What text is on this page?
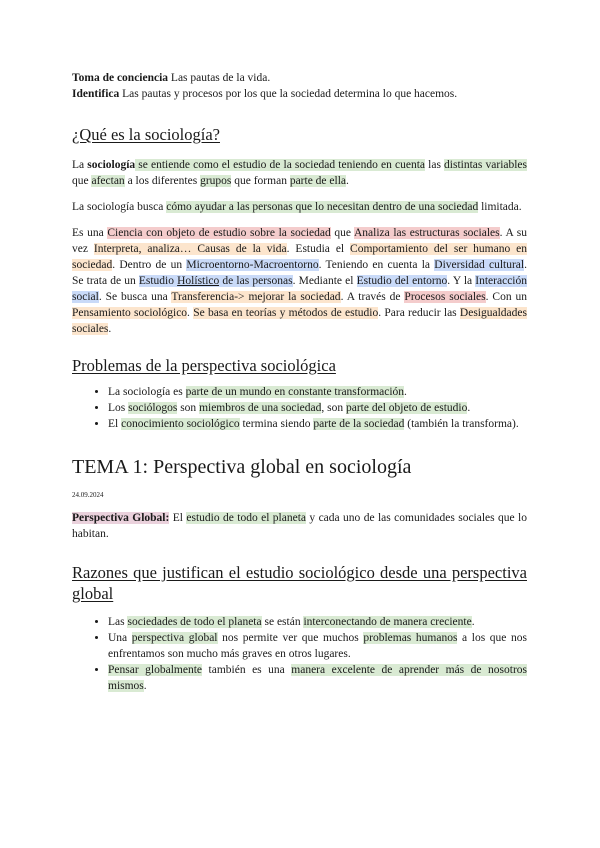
Toma de conciencia Las pautas de la vida.

Identifica Las pautas y procesos por los que la sociedad determina lo que hacemos.

¿Qué es la sociología?

La sociología se entiende como el estudio de la sociedad teniendo en cuenta las distintas variables que afectan a los diferentes grupos que forman parte de ella.

La sociología busca cómo ayudar a las personas que lo necesitan dentro de una sociedad limitada.

Es una Ciencia con objeto de estudio sobre la sociedad que Analiza las estructuras sociales. A su vez Interpreta, analiza… Causas de la vida. Estudia el Comportamiento del ser humano en sociedad. Dentro de un Microentorno-Macroentorno. Teniendo en cuenta la Diversidad cultural. Se trata de un Estudio Holístico de las personas. Mediante el Estudio del entorno. Y la Interacción social. Se busca una Transferencia-> mejorar la sociedad. A través de Procesos sociales. Con un Pensamiento sociológico. Se basa en teorías y métodos de estudio. Para reducir las Desigualdades sociales.

Problemas de la perspectiva sociológica
• La sociología es parte de un mundo en constante transformación.
• Los sociólogos son miembros de una sociedad, son parte del objeto de estudio.
• El conocimiento sociológico termina siendo parte de la sociedad (también la transforma).
TEMA 1: Perspectiva global en sociología
24.09.2024

Perspectiva Global: El estudio de todo el planeta y cada uno de las comunidades sociales que lo habitan.

Razones que justifican el estudio sociológico desde una perspectiva global
• Las sociedades de todo el planeta se están interconectando de manera creciente.
• Una perspectiva global nos permite ver que muchos problemas humanos a los que nos enfrentamos son mucho más graves en otros lugares.
• Pensar globalmente también es una manera excelente de aprender más de nosotros mismos.
